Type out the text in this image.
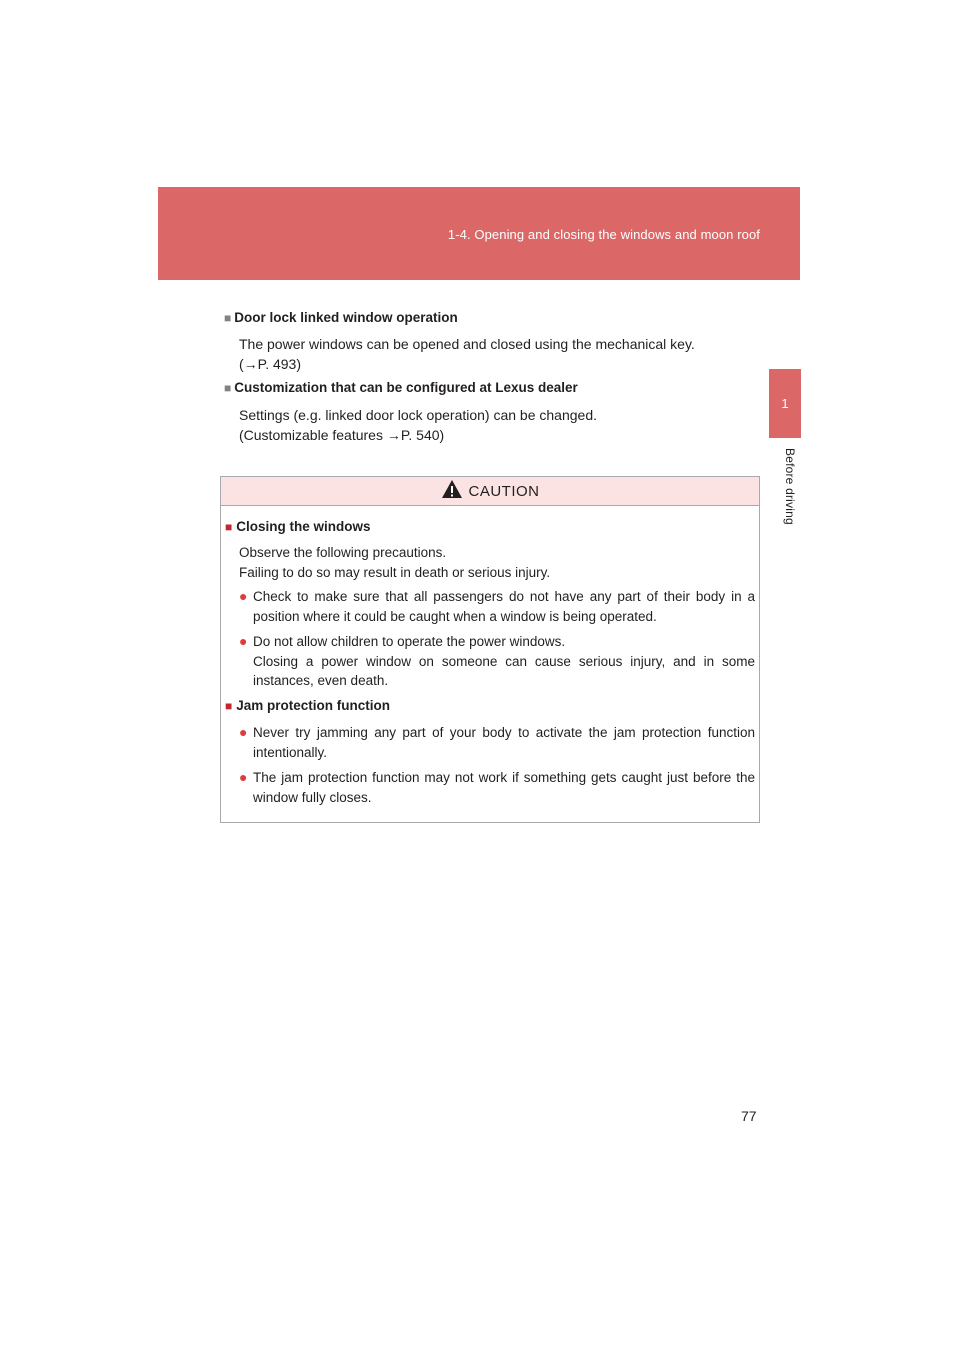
1-4. Opening and closing the windows and moon roof
1
Before driving
■ Door lock linked window operation
The power windows can be opened and closed using the mechanical key.
(→P. 493)
■ Customization that can be configured at Lexus dealer
Settings (e.g. linked door lock operation) can be changed.
(Customizable features →P. 540)
CAUTION
■ Closing the windows
Observe the following precautions.
Failing to do so may result in death or serious injury.
● Check to make sure that all passengers do not have any part of their body in a position where it could be caught when a window is being operated.
● Do not allow children to operate the power windows.
Closing a power window on someone can cause serious injury, and in some instances, even death.
■ Jam protection function
● Never try jamming any part of your body to activate the jam protection function intentionally.
● The jam protection function may not work if something gets caught just before the window fully closes.
77
